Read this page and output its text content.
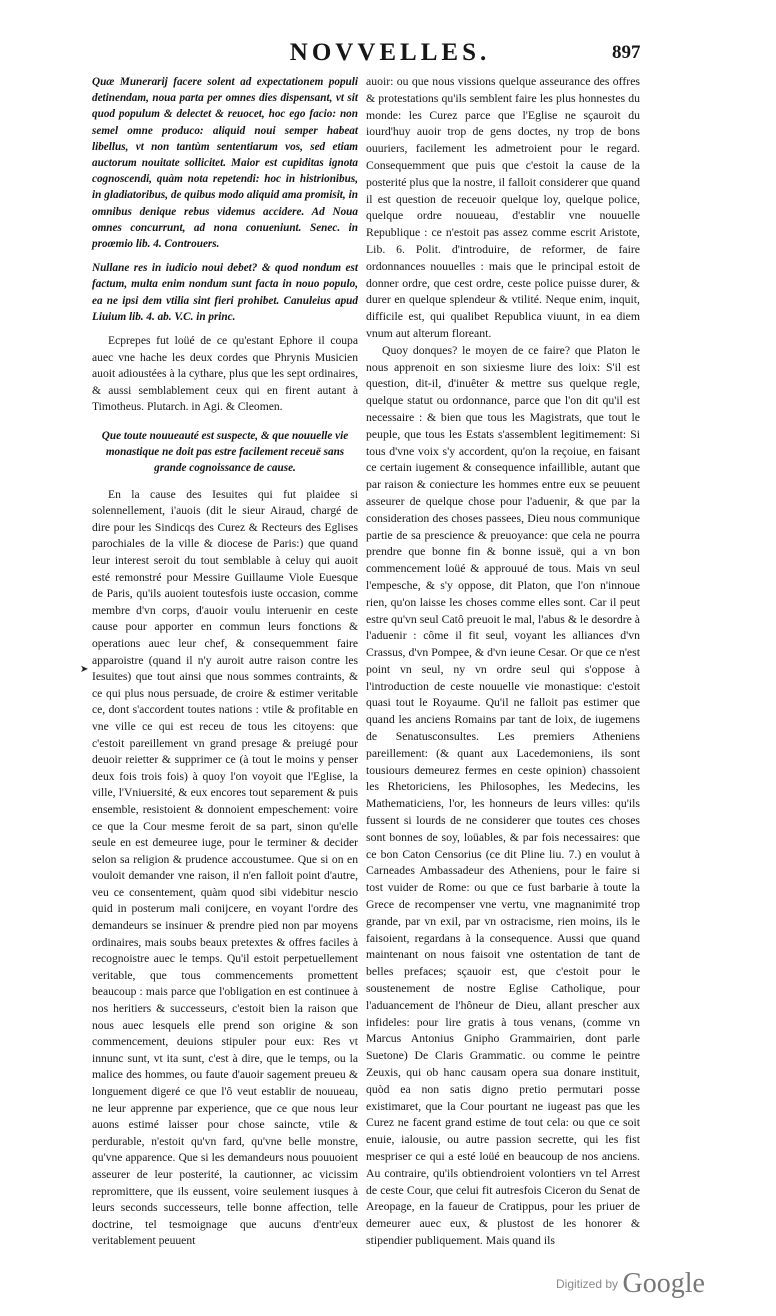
NOVVELLES.	897

Quæ Munerarij facere solent ad expectationem populi detinendam, noua parta per omnes dies dispensant, vt sit quod populum & delectet & reuocet, hoc ego facio: non semel omne produco: aliquid noui semper habeat libellus, vt non tantùm sententiarum vos, sed etiam auctorum nouitate sollicitet. Maior est cupiditas ignota cognoscendi, quàm nota repetendi: hoc in histrionibus, in gladiatoribus, de quibus modo aliquid ama promisit, in omnibus denique rebus videmus accidere. Ad Noua omnes concurrunt, ad nona conueniunt. Senec. in proœmio lib. 4. Controuers.

Nullane res in iudicio noui debet? & quod nondum est factum, multa enim nondum sunt facta in nouo populo, ea ne ipsi dem vtilia sint fieri prohibet. Canuleius apud Liuium lib. 4. ab. V.C. in princ.

Ecprepes fut loüé de ce qu'estant Ephore il coupa auec vne hache les deux cordes que Phrynis Musicien auoit adioustées à la cythare, plus que les sept ordinaires, & aussi semblablement ceux qui en firent autant à Timotheus. Plutarch. in Agi. & Cleomen.

Que toute nouueauté est suspecte, & que nouuelle vie monastique ne doit pas estre facilement receuë sans grande cognoissance de cause.

En la cause des Iesuites qui fut plaidee si solennellement, i'auois (dit le sieur Airaud, chargé de dire pour les Sindicqs des Curez & Recteurs des Eglises parochiales de la ville & diocese de Paris:) que quand leur interest seroit du tout semblable à celuy qui auoit esté remonstré pour Messire Guillaume Viole Euesque de Paris, qu'ils auoient toutesfois iuste occasion, comme membre d'vn corps, d'auoir voulu interuenir en ceste cause pour apporter en commun leurs fonctions & operations auec leur chef, & consequemment faire apparoistre (quand il n'y auroit autre raison contre les Iesuites) que tout ainsi que nous sommes contraints, & ce qui plus nous persuade, de croire & estimer veritable ce, dont s'accordent toutes nations : vtile & profitable en vne ville ce qui est receu de tous les citoyens: que c'estoit pareillement vn grand presage & preiugé pour deuoir reietter & supprimer ce (à tout le moins y penser deux fois trois fois) à quoy l'on voyoit que l'Eglise, la ville, l'Vniuersité, & eux encores tout separement & puis ensemble, resistoient & donnoient empeschement: voire ce que la Cour mesme feroit de sa part, sinon qu'elle seule en est demeuree iuge, pour le terminer & decider selon sa religion & prudence accoustumee. Que si on en vouloit demander vne raison, il n'en falloit point d'autre, veu ce consentement, quàm quod sibi videbitur nescio quid in posterum mali conijcere, en voyant l'ordre des demandeurs se insinuer & prendre pied non par moyens ordinaires, mais soubs beaux pretextes & offres faciles à recognoistre auec le temps. Qu'il estoit perpetuellement veritable, que tous commencements promettent beaucoup : mais parce que l'obligation en est continuee à nos heritiers & successeurs, c'estoit bien la raison que nous auec lesquels elle prend son origine & son commencement, deuions stipuler pour eux: Res vt innunc sunt, vt ita sunt, c'est à dire, que le temps, ou la malice des hommes, ou faute d'auoir sagement preueu & longuement digeré ce que l'ô veut establir de nouueau, ne leur apprenne par experience, que ce que nous leur auons estimé laisser pour chose saincte, vtile & perdurable, n'estoit qu'vn fard, qu'vne belle monstre, qu'vne apparence. Que si les demandeurs nous pouuoient asseurer de leur posterité, la cautionner, ac vicissim repromittere, que ils eussent, voire seulement iusques à leurs seconds successeurs, telle bonne affection, telle doctrine, tel tesmoignage que aucuns d'entr'eux veritablement peuuent

auoir: ou que nous vissions quelque asseurance des offres & protestations qu'ils semblent faire les plus honnestes du monde: les Curez parce que l'Eglise ne sçauroit du iourd'huy auoir trop de gens doctes, ny trop de bons ouuriers, facilement les admetroient pour le regard. Consequemment que puis que c'estoit la cause de la posterité plus que la nostre, il falloit considerer que quand il est question de receuoir quelque loy, quelque police, quelque ordre nouueau, d'establir vne nouuelle Republique : ce n'estoit pas assez comme escrit Aristote, Lib. 6. Polit. d'introduire, de reformer, de faire ordonnances nouuelles : mais que le principal estoit de donner ordre, que cest ordre, ceste police puisse durer, & durer en quelque splendeur & vtilité. Neque enim, inquit, difficile est, qui qualibet Republica viuunt, in ea diem vnum aut alterum floreant.

Quoy donques? le moyen de ce faire? que Platon le nous apprenoit en son sixiesme liure des loix: S'il est question, dit-il, d'inuêter & mettre sus quelque regle, quelque statut ou ordonnance, parce que l'on dit qu'il est necessaire : & bien que tous les Magistrats, que tout le peuple, que tous les Estats s'assemblent legitimement: Si tous d'vne voix s'y accordent, qu'on la reçoiue, en faisant ce certain iugement & consequence infaillible, autant que par raison & coniecture les hommes entre eux se peuuent asseurer de quelque chose pour l'aduenir, & que par la consideration des choses passees, Dieu nous communique partie de sa prescience & preuoyance: que cela ne pourra prendre que bonne fin & bonne issuë, qui a vn bon commencement loüé & approuué de tous. Mais vn seul l'empesche, & s'y oppose, dit Platon, que l'on n'innoue rien, qu'on laisse les choses comme elles sont. Car il peut estre qu'vn seul Catô preuoit le mal, l'abus & le desordre à l'aduenir : côme il fit seul, voyant les alliances d'vn Crassus, d'vn Pompee, & d'vn ieune Cesar. Or que ce n'est point vn seul, ny vn ordre seul qui s'oppose à l'introduction de ceste nouuelle vie monastique: c'estoit quasi tout le Royaume. Qu'il ne falloit pas estimer que quand les anciens Romains par tant de loix, de iugemens de Senatusconsultes. Les premiers Atheniens pareillement: (& quant aux Lacedemoniens, ils sont tousiours demeurez fermes en ceste opinion) chassoient les Rhetoriciens, les Philosophes, les Medecins, les Mathematiciens, l'or, les honneurs de leurs villes: qu'ils fussent si lourds de ne considerer que toutes ces choses sont bonnes de soy, loüables, & par fois necessaires: que ce bon Caton Censorius (ce dit Pline liu. 7.) en voulut à Carneades Ambassadeur des Atheniens, pour le faire si tost vuider de Rome: ou que ce fust barbarie à toute la Grece de recompenser vne vertu, vne magnanimité trop grande, par vn exil, par vn ostracisme, rien moins, ils le faisoient, regardans à la consequence. Aussi que quand maintenant on nous faisoit vne ostentation de tant de belles prefaces; sçauoir est, que c'estoit pour le soustenement de nostre Eglise Catholique, pour l'aduancement de l'hôneur de Dieu, allant prescher aux infideles: pour lire gratis à tous venans, (comme vn Marcus Antonius Gnipho Grammairien, dont parle Suetone) De Claris Grammatic. ou comme le peintre Zeuxis, qui ob hanc causam opera sua donare instituit, quòd ea non satis digno pretio permutari posse existimaret, que la Cour pourtant ne iugeast pas que les Curez ne facent grand estime de tout cela: ou que ce soit enuie, ialousie, ou autre passion secrette, qui les fist mespriser ce qui a esté loüé en beaucoup de nos anciens. Au contraire, qu'ils obtiendroient volontiers vn tel Arrest de ceste Cour, que celui fit autresfois Ciceron du Senat de Areopage, en la faueur de Cratippus, pour les priuer de demeurer auec eux, & plustost de les honorer & stipendier publiquement. Mais quand ils

➤
Digitized by Google
